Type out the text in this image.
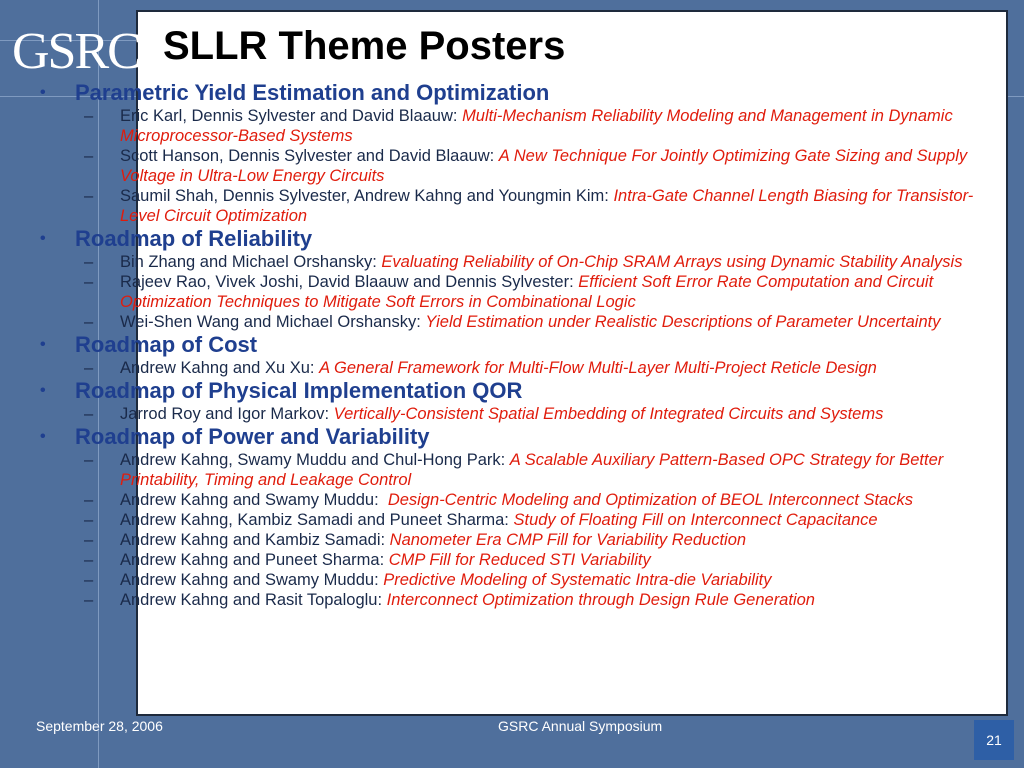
GSRC SLLR Theme Posters
•	Parametric Yield Estimation and Optimization
–	Eric Karl, Dennis Sylvester and David Blaauw: Multi-Mechanism Reliability Modeling and Management in Dynamic Microprocessor-Based Systems
–	Scott Hanson, Dennis Sylvester and David Blaauw: A New Technique For Jointly Optimizing Gate Sizing and Supply Voltage in Ultra-Low Energy Circuits
–	Saumil Shah, Dennis Sylvester, Andrew Kahng and Youngmin Kim: Intra-Gate Channel Length Biasing for Transistor-Level Circuit Optimization
•	Roadmap of Reliability
–	Bin Zhang and Michael Orshansky: Evaluating Reliability of On-Chip SRAM Arrays using Dynamic Stability Analysis
–	Rajeev Rao, Vivek Joshi, David Blaauw and Dennis Sylvester: Efficient Soft Error Rate Computation and Circuit Optimization Techniques to Mitigate Soft Errors in Combinational Logic
–	Wei-Shen Wang and Michael Orshansky: Yield Estimation under Realistic Descriptions of Parameter Uncertainty
•	Roadmap of Cost
–	Andrew Kahng and Xu Xu: A General Framework for Multi-Flow Multi-Layer Multi-Project Reticle Design
•	Roadmap of Physical Implementation QOR
–	Jarrod Roy and Igor Markov: Vertically-Consistent Spatial Embedding of Integrated Circuits and Systems
•	Roadmap of Power and Variability
–	Andrew Kahng, Swamy Muddu and Chul-Hong Park: A Scalable Auxiliary Pattern-Based OPC Strategy for Better Printability, Timing and Leakage Control
–	Andrew Kahng and Swamy Muddu:  Design-Centric Modeling and Optimization of BEOL Interconnect Stacks
–	Andrew Kahng, Kambiz Samadi and Puneet Sharma: Study of Floating Fill on Interconnect Capacitance
–	Andrew Kahng and Kambiz Samadi: Nanometer Era CMP Fill for Variability Reduction
–	Andrew Kahng and Puneet Sharma: CMP Fill for Reduced STI Variability
–	Andrew Kahng and Swamy Muddu: Predictive Modeling of Systematic Intra-die Variability
–	Andrew Kahng and Rasit Topaloglu: Interconnect Optimization through Design Rule Generation
September 28, 2006	GSRC Annual Symposium
21
